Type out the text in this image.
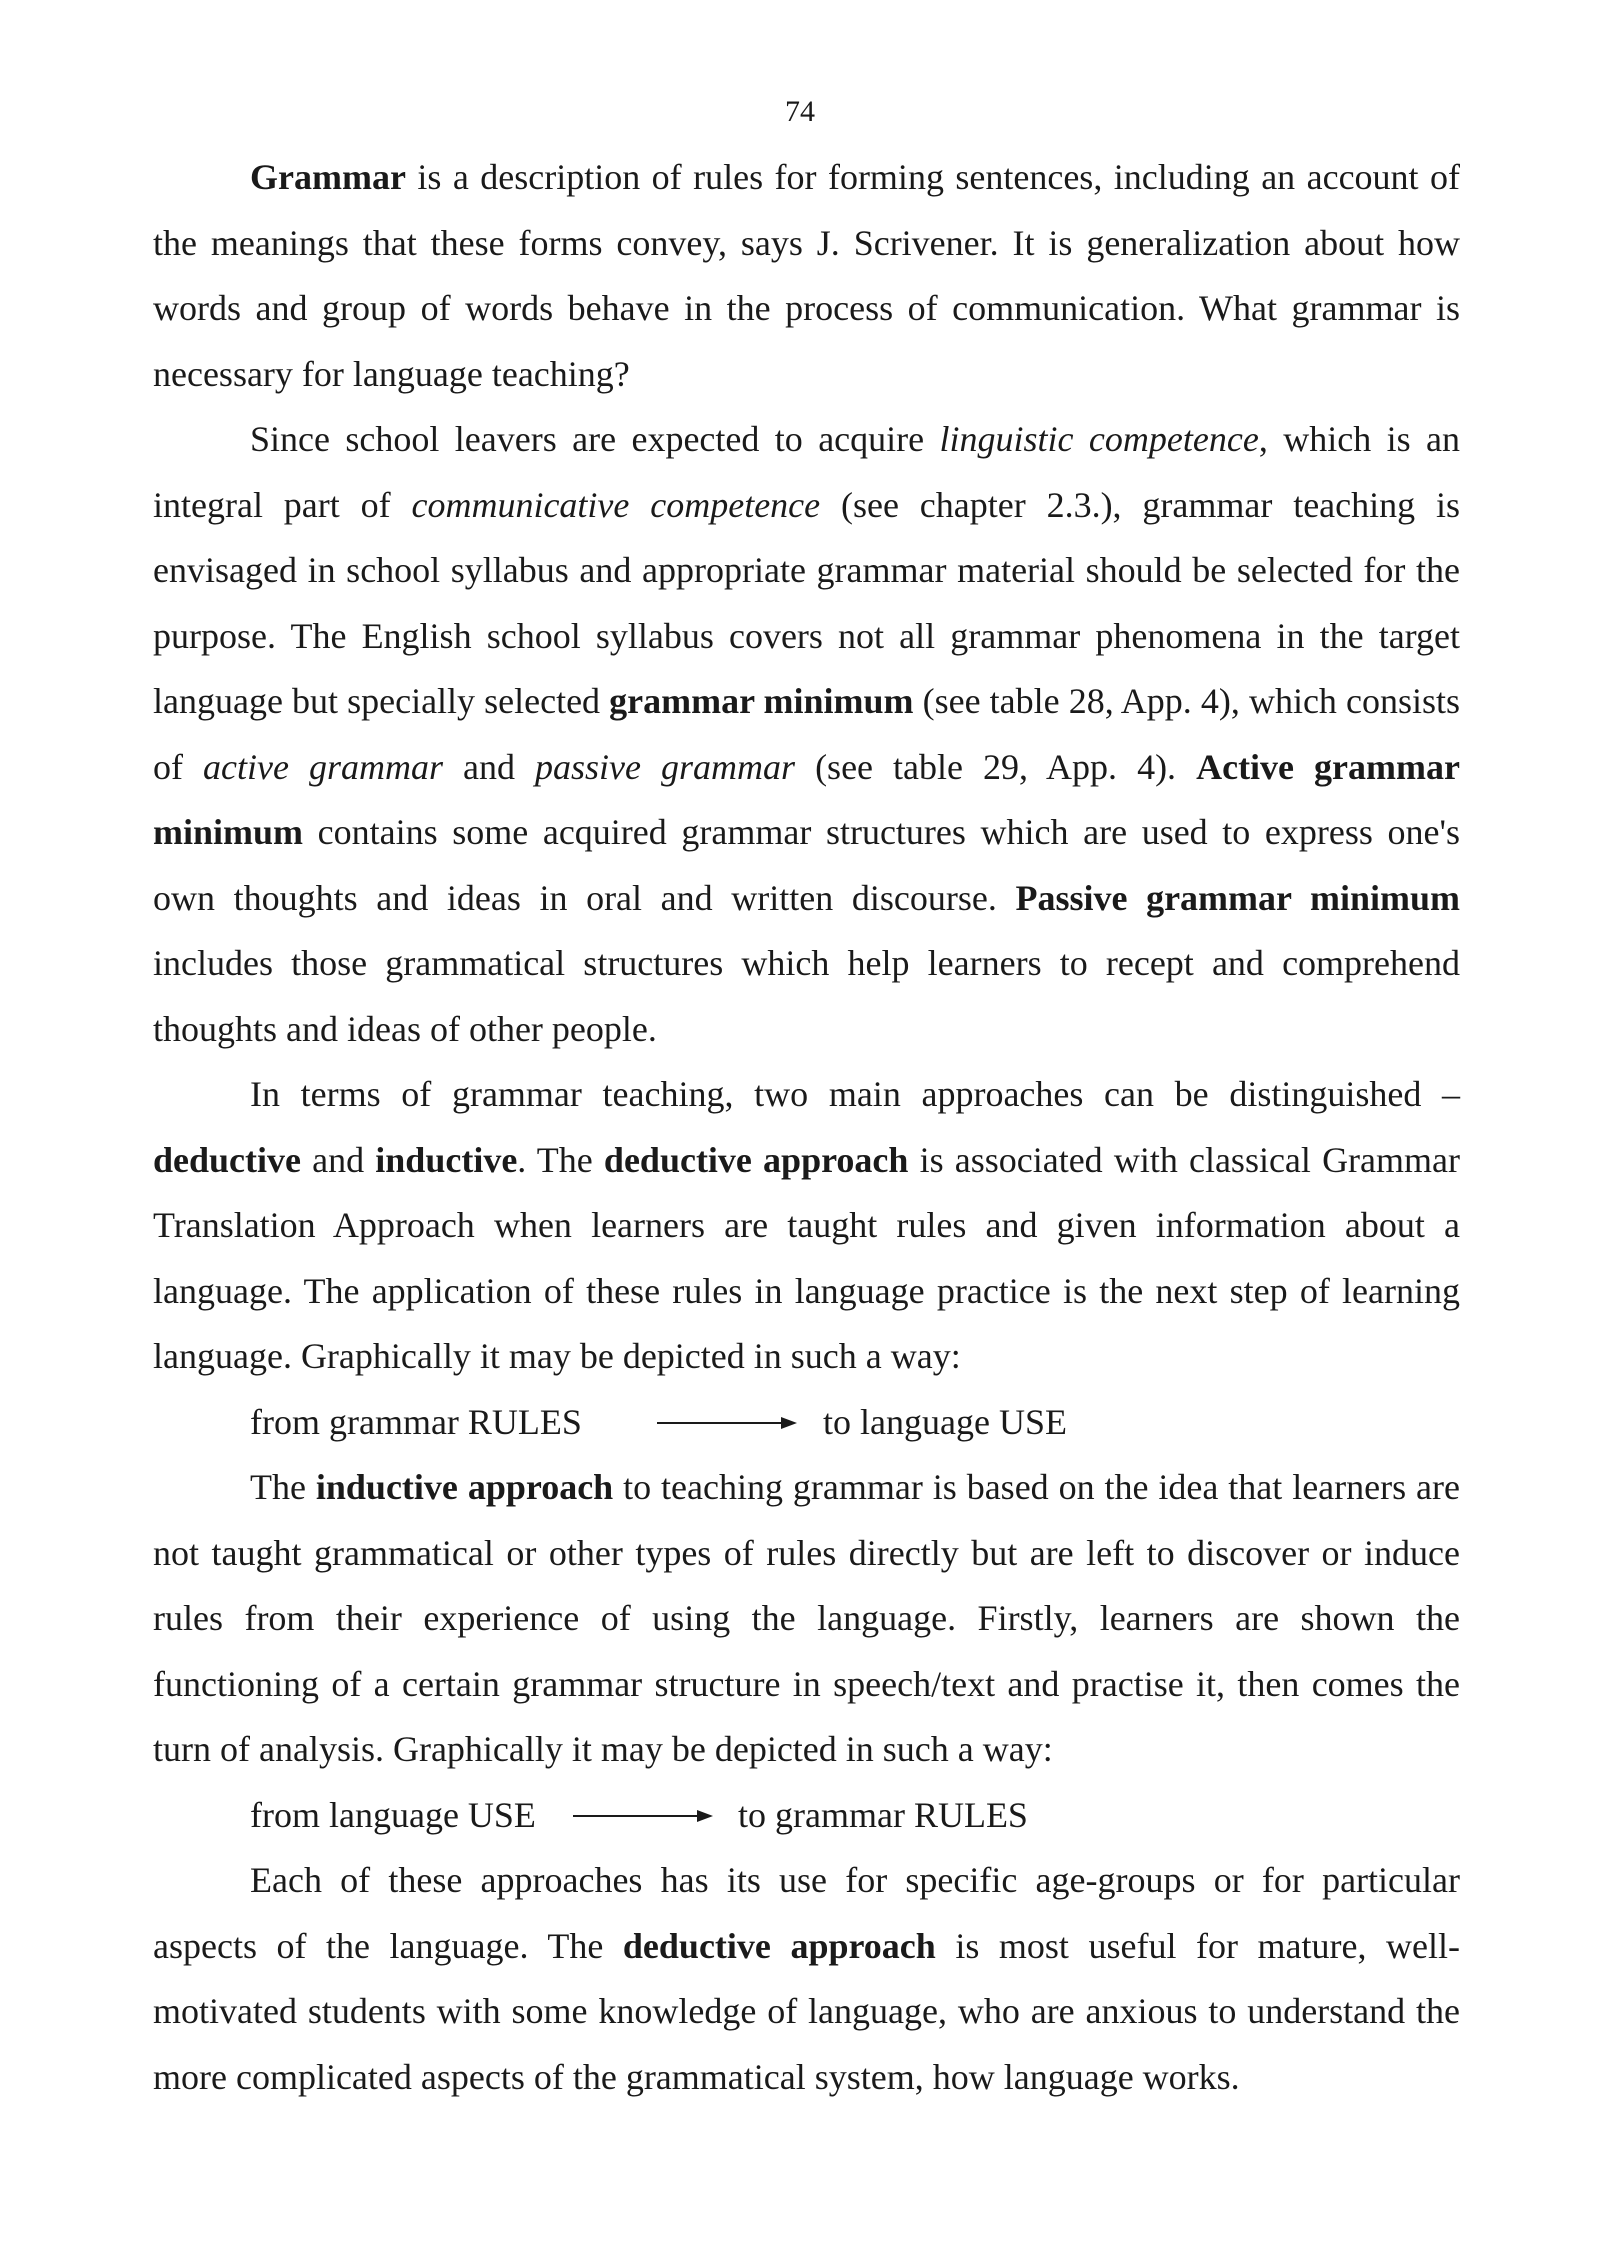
74

Grammar is a description of rules for forming sentences, including an account of the meanings that these forms convey, says J. Scrivener. It is generalization about how words and group of words behave in the process of communication. What grammar is necessary for language teaching?

Since school leavers are expected to acquire linguistic competence, which is an integral part of communicative competence (see chapter 2.3.), grammar teaching is envisaged in school syllabus and appropriate grammar material should be selected for the purpose. The English school syllabus covers not all grammar phenomena in the target language but specially selected grammar minimum (see table 28, App. 4), which consists of active grammar and passive grammar (see table 29, App. 4). Active grammar minimum contains some acquired grammar structures which are used to express one's own thoughts and ideas in oral and written discourse. Passive grammar minimum includes those grammatical structures which help learners to recept and comprehend thoughts and ideas of other people.

In terms of grammar teaching, two main approaches can be distinguished – deductive and inductive. The deductive approach is associated with classical Grammar Translation Approach when learners are taught rules and given information about a language. The application of these rules in language practice is the next step of learning language. Graphically it may be depicted in such a way:

from grammar RULES	to language USE

The inductive approach to teaching grammar is based on the idea that learners are not taught grammatical or other types of rules directly but are left to discover or induce rules from their experience of using the language. Firstly, learners are shown the functioning of a certain grammar structure in speech/text and practise it, then comes the turn of analysis. Graphically it may be depicted in such a way:

from language USE	to grammar RULES

Each of these approaches has its use for specific age-groups or for particular aspects of the language. The deductive approach is most useful for mature, well-motivated students with some knowledge of language, who are anxious to understand the more complicated aspects of the grammatical system, how language works.
